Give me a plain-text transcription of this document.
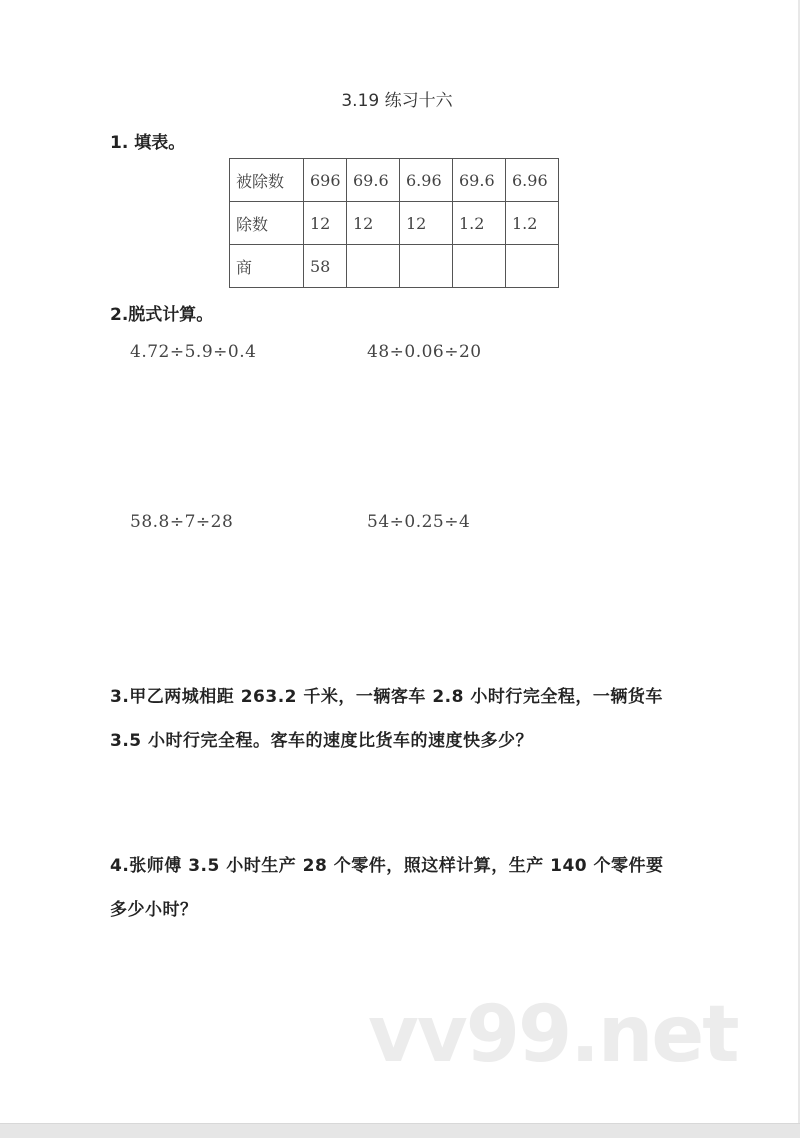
3.19 练习十六
1. 填表。
被除数	696	69.6	6.96	69.6	6.96
除数	12	12	12	1.2	1.2
商	58				
2.脱式计算。
4.72÷5.9÷0.4	48÷0.06÷20
58.8÷7÷28	54÷0.25÷4
3.甲乙两城相距 263.2 千米，一辆客车 2.8 小时行完全程，一辆货车
3.5 小时行完全程。客车的速度比货车的速度快多少？
4.张师傅 3.5 小时生产 28 个零件，照这样计算，生产 140 个零件要
多少小时？
vv99.net
